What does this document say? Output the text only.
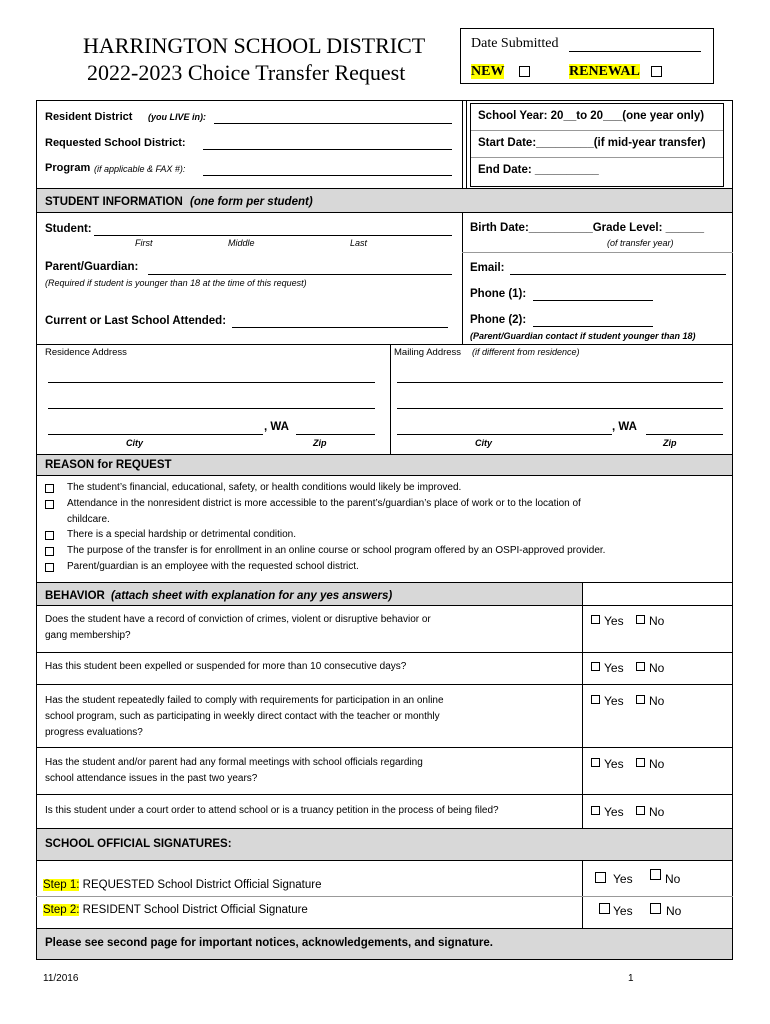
HARRINGTON SCHOOL DISTRICT
2022-2023 Choice Transfer Request
Date Submitted
NEW	RENEWAL
Resident District (you LIVE in):
Requested School District:
Program (if applicable & FAX #):
School Year: 20__to 20___(one year only)
Start Date:_________(if mid-year transfer)
End Date: __________
STUDENT INFORMATION (one form per student)
Student:
First	Middle	Last
Birth Date:__________Grade Level: ______
(of transfer year)
Parent/Guardian:
(Required if student is younger than 18 at the time of this request)
Email:
Phone (1):
Current or Last School Attended:	Phone (2):
(Parent/Guardian contact if student younger than 18)
Residence Address	Mailing Address (if different from residence)
, WA
City	Zip
, WA
City	Zip
REASON for REQUEST
The student’s financial, educational, safety, or health conditions would likely be improved.
Attendance in the nonresident district is more accessible to the parent’s/guardian’s place of work or to the location of
childcare.
There is a special hardship or detrimental condition.
The purpose of the transfer is for enrollment in an online course or school program offered by an OSPI-approved provider.
Parent/guardian is an employee with the requested school district.
BEHAVIOR (attach sheet with explanation for any yes answers)
Does the student have a record of conviction of crimes, violent or disruptive behavior or
gang membership?
Yes No
Has this student been expelled or suspended for more than 10 consecutive days?	Yes No
Has the student repeatedly failed to comply with requirements for participation in an online
school program, such as participating in weekly direct contact with the teacher or monthly
progress evaluations?
Yes No
Has the student and/or parent had any formal meetings with school officials regarding
school attendance issues in the past two years?
Yes No
Is this student under a court order to attend school or is a truancy petition in the process of being filed?	Yes No
SCHOOL OFFICIAL SIGNATURES:
Step 1: REQUESTED School District Official Signature	Yes	No
Step 2: RESIDENT School District Official Signature	Yes	No
Please see second page for important notices, acknowledgements, and signature.
11/2016	1
